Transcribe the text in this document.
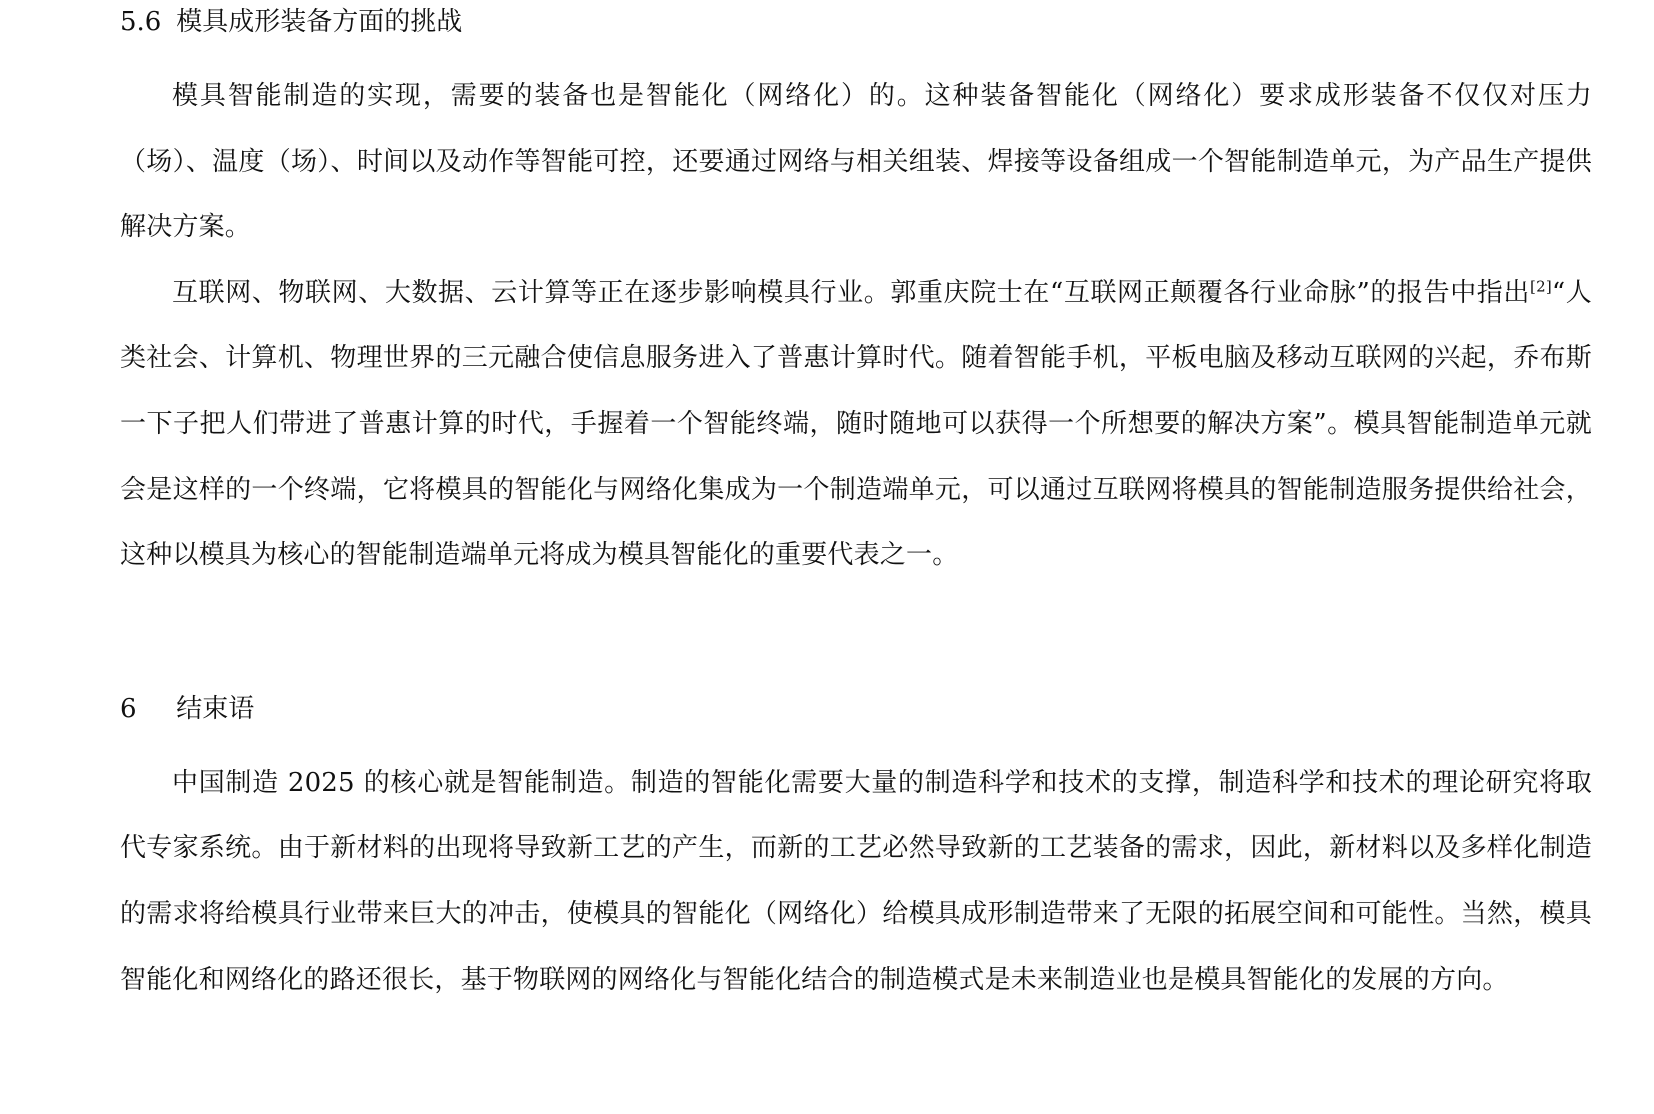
5.6 模具成形装备方面的挑战

模具智能制造的实现，需要的装备也是智能化（网络化）的。这种装备智能化（网络化）要求成形装备不仅仅对压力（场）、温度（场）、时间以及动作等智能可控，还要通过网络与相关组装、焊接等设备组成一个智能制造单元，为产品生产提供解决方案。

互联网、物联网、大数据、云计算等正在逐步影响模具行业。郭重庆院士在“互联网正颠覆各行业命脉”的报告中指出[2]“人类社会、计算机、物理世界的三元融合使信息服务进入了普惠计算时代。随着智能手机，平板电脑及移动互联网的兴起，乔布斯一下子把人们带进了普惠计算的时代，手握着一个智能终端，随时随地可以获得一个所想要的解决方案”。模具智能制造单元就会是这样的一个终端，它将模具的智能化与网络化集成为一个制造端单元，可以通过互联网将模具的智能制造服务提供给社会，这种以模具为核心的智能制造端单元将成为模具智能化的重要代表之一。

6 结束语

中国制造 2025 的核心就是智能制造。制造的智能化需要大量的制造科学和技术的支撑，制造科学和技术的理论研究将取代专家系统。由于新材料的出现将导致新工艺的产生，而新的工艺必然导致新的工艺装备的需求，因此，新材料以及多样化制造的需求将给模具行业带来巨大的冲击，使模具的智能化（网络化）给模具成形制造带来了无限的拓展空间和可能性。当然，模具智能化和网络化的路还很长，基于物联网的网络化与智能化结合的制造模式是未来制造业也是模具智能化的发展的方向。
